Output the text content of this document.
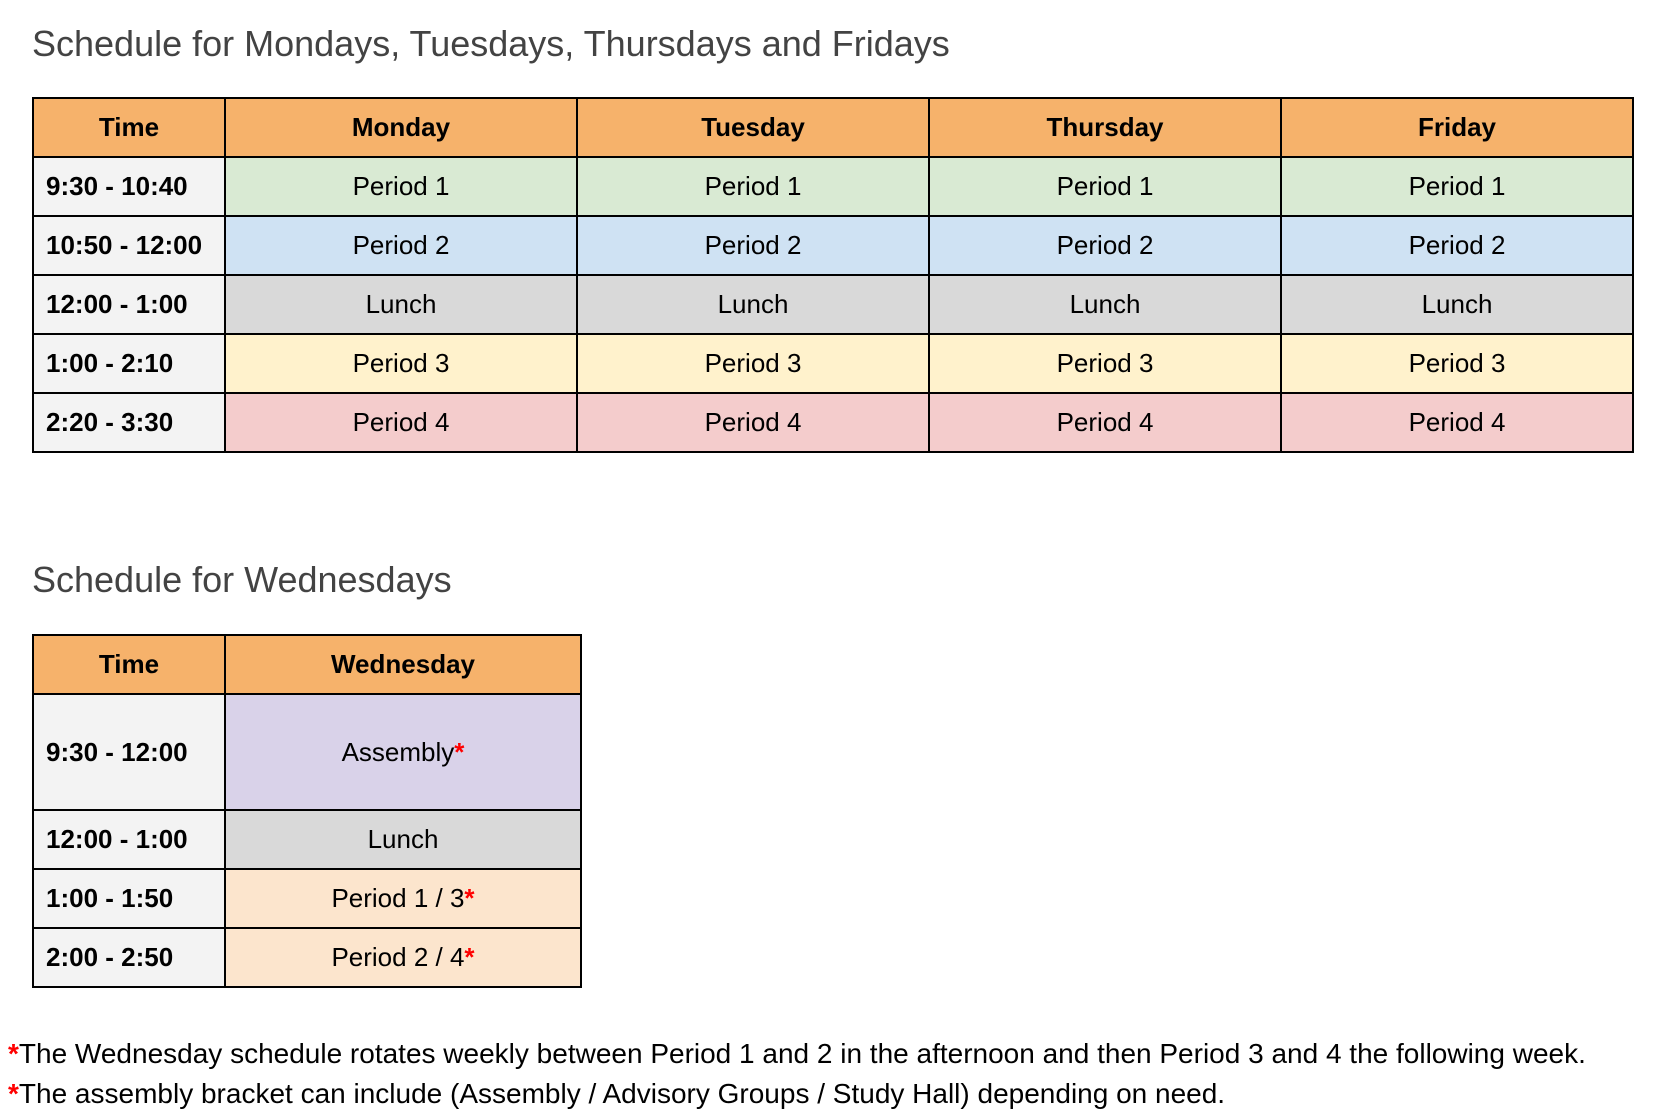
Schedule for Mondays, Tuesdays, Thursdays and Fridays
Time	Monday	Tuesday	Thursday	Friday
9:30 - 10:40	Period 1	Period 1	Period 1	Period 1
10:50 - 12:00	Period 2	Period 2	Period 2	Period 2
12:00 - 1:00	Lunch	Lunch	Lunch	Lunch
1:00 - 2:10	Period 3	Period 3	Period 3	Period 3
2:20 - 3:30	Period 4	Period 4	Period 4	Period 4
Schedule for Wednesdays
Time	Wednesday
9:30 - 12:00	Assembly*
12:00 - 1:00	Lunch
1:00 - 1:50	Period 1 / 3*
2:00 - 2:50	Period 2 / 4*

*The Wednesday schedule rotates weekly between Period 1 and 2 in the afternoon and then Period 3 and 4 the following week.

*The assembly bracket can include (Assembly / Advisory Groups / Study Hall) depending on need.
